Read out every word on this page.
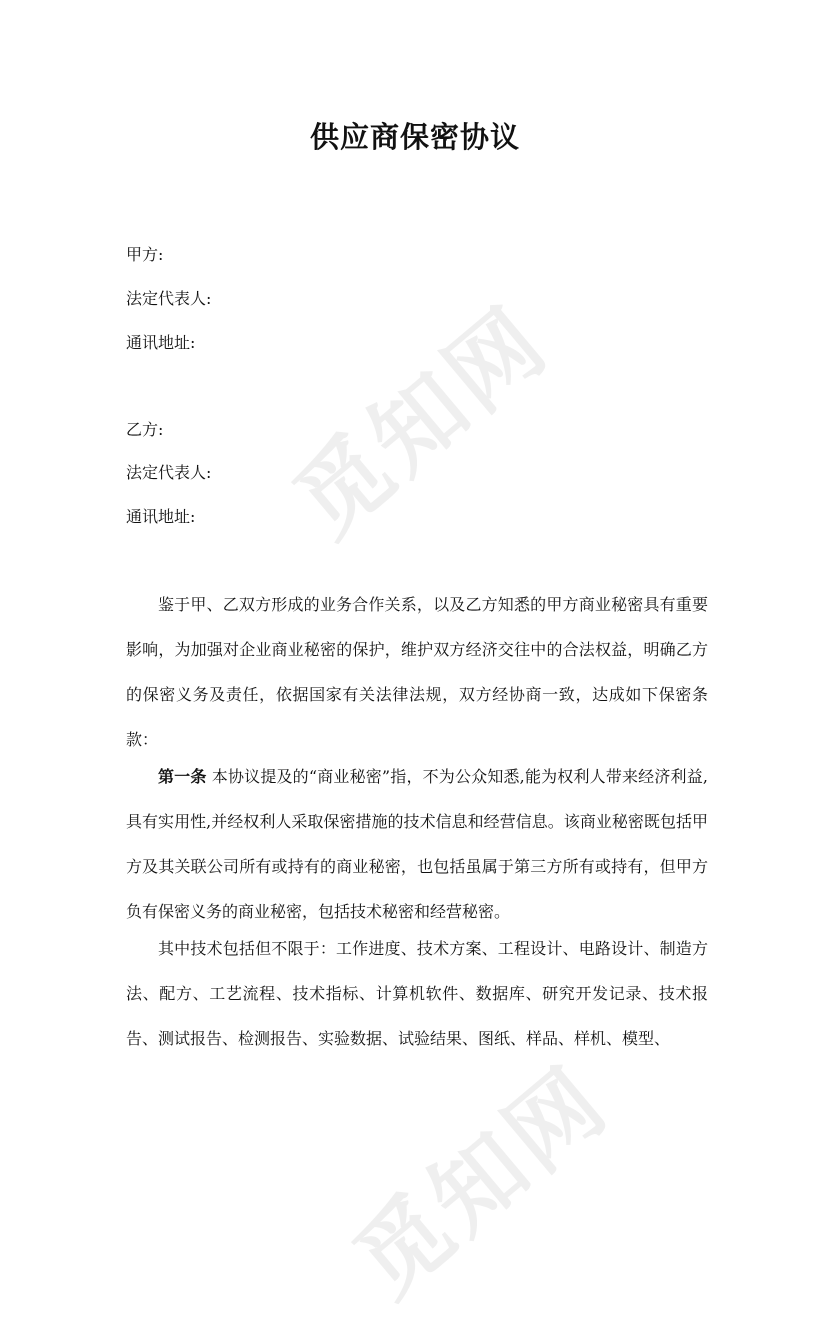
觅知网
觅知网
供应商保密协议
甲方:
法定代表人:
通讯地址:
乙方:
法定代表人:
通讯地址:
鉴于甲、乙双方形成的业务合作关系，以及乙方知悉的甲方商业秘密具有重要影响，为加强对企业商业秘密的保护，维护双方经济交往中的合法权益，明确乙方的保密义务及责任，依据国家有关法律法规，双方经协商一致，达成如下保密条款：
第一条 本协议提及的“商业秘密”指，不为公众知悉,能为权利人带来经济利益,具有实用性,并经权利人采取保密措施的技术信息和经营信息。该商业秘密既包括甲方及其关联公司所有或持有的商业秘密，也包括虽属于第三方所有或持有，但甲方负有保密义务的商业秘密，包括技术秘密和经营秘密。
其中技术包括但不限于：工作进度、技术方案、工程设计、电路设计、制造方法、配方、工艺流程、技术指标、计算机软件、数据库、研究开发记录、技术报告、测试报告、检测报告、实验数据、试验结果、图纸、样品、样机、模型、
